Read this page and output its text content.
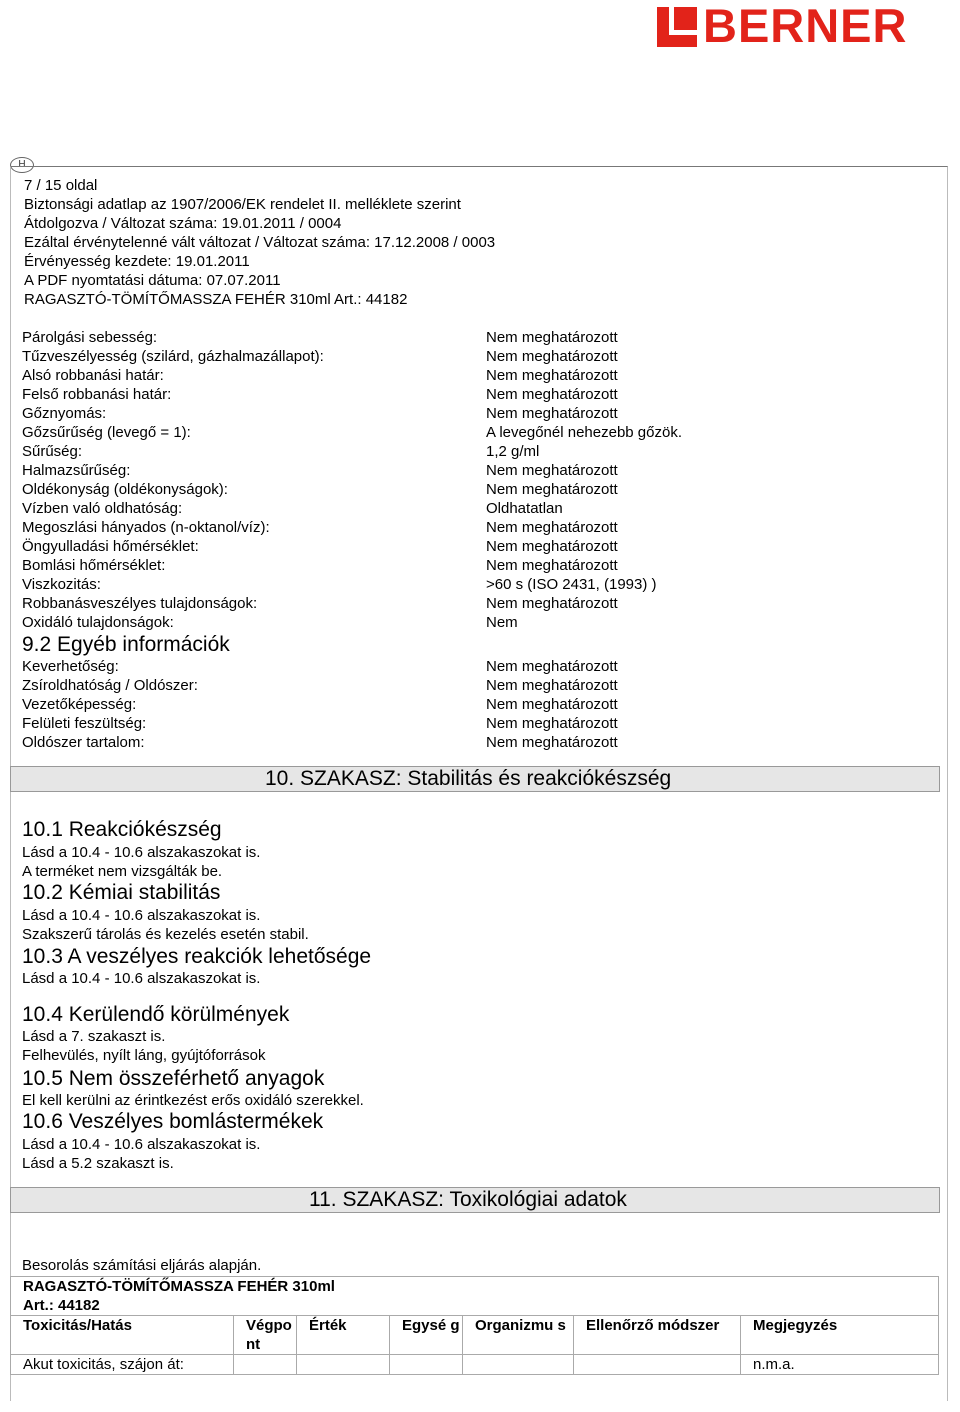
BERNER
H
7 / 15 oldal
Biztonsági adatlap az 1907/2006/EK rendelet II. melléklete szerint
Átdolgozva / Változat száma: 19.01.2011 / 0004
Ezáltal érvénytelenné vált változat / Változat száma: 17.12.2008 / 0003
Érvényesség kezdete: 19.01.2011
A PDF nyomtatási dátuma: 07.07.2011
RAGASZTÓ-TÖMÍTŐMASSZA FEHÉR 310ml Art.: 44182
Párolgási sebesség:	Nem meghatározott
Tűzveszélyesség (szilárd, gázhalmazállapot):	Nem meghatározott
Alsó robbanási határ:	Nem meghatározott
Felső robbanási határ:	Nem meghatározott
Gőznyomás:	Nem meghatározott
Gőzsűrűség (levegő = 1):	A levegőnél nehezebb gőzök.
Sűrűség:	1,2 g/ml
Halmazsűrűség:	Nem meghatározott
Oldékonyság (oldékonyságok):	Nem meghatározott
Vízben való oldhatóság:	Oldhatatlan
Megoszlási hányados (n-oktanol/víz):	Nem meghatározott
Öngyulladási hőmérséklet:	Nem meghatározott
Bomlási hőmérséklet:	Nem meghatározott
Viszkozitás:	>60 s (ISO 2431, (1993) )
Robbanásveszélyes tulajdonságok:	Nem meghatározott
Oxidáló tulajdonságok:	Nem
9.2 Egyéb információk
Keverhetőség:	Nem meghatározott
Zsíroldhatóság / Oldószer:	Nem meghatározott
Vezetőképesség:	Nem meghatározott
Felületi feszültség:	Nem meghatározott
Oldószer tartalom:	Nem meghatározott
10. SZAKASZ: Stabilitás és reakciókészség
10.1 Reakciókészség
Lásd a 10.4 - 10.6 alszakaszokat is.
A terméket nem vizsgálták be.
10.2 Kémiai stabilitás
Lásd a 10.4 - 10.6 alszakaszokat is.
Szakszerű tárolás és kezelés esetén stabil.
10.3 A veszélyes reakciók lehetősége
Lásd a 10.4 - 10.6 alszakaszokat is.
10.4 Kerülendő körülmények
Lásd a 7. szakaszt is.
Felhevülés, nyílt láng, gyújtóforrások
10.5 Nem összeférhető anyagok
El kell kerülni az érintkezést erős oxidáló szerekkel.
10.6 Veszélyes bomlástermékek
Lásd a 10.4 - 10.6 alszakaszokat is.
Lásd a 5.2 szakaszt is.
11. SZAKASZ: Toxikológiai adatok
Besorolás számítási eljárás alapján.
RAGASZTÓ-TÖMÍTŐMASSZA FEHÉR 310ml
Art.: 44182						

Toxicitás/Hatás	Végpo nt	Érték	Egysé g	Organizmu s	Ellenőrző módszer	Megjegyzés
Akut toxicitás, szájon át:						n.m.a.
